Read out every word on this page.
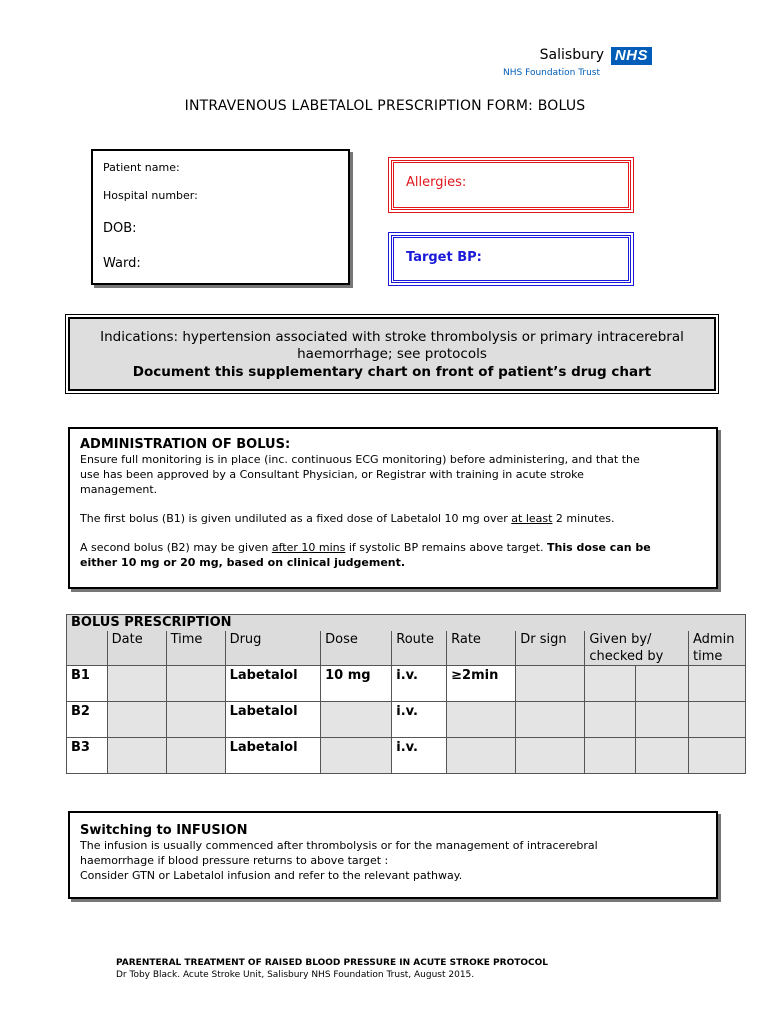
Salisbury NHS
NHS Foundation Trust
INTRAVENOUS LABETALOL PRESCRIPTION FORM: BOLUS
Patient name:
Hospital number:
DOB:
Ward:
Allergies:
Target BP:
Indications: hypertension associated with stroke thrombolysis or primary intracerebral
haemorrhage; see protocols
Document this supplementary chart on front of patient’s drug chart
ADMINISTRATION OF BOLUS:

Ensure full monitoring is in place (inc. continuous ECG monitoring) before administering, and that the

use has been approved by a Consultant Physician, or Registrar with training in acute stroke

management.

The first bolus (B1) is given undiluted as a fixed dose of Labetalol 10 mg over at least 2 minutes.

A second bolus (B2) may be given after 10 mins if systolic BP remains above target. This dose can be

either 10 mg or 20 mg, based on clinical judgement.

BOLUS PRESCRIPTION										
	Date	Time	Drug	Dose	Route	Rate	Dr sign	Given by/ checked by		Admin time
B1			Labetalol	10 mg	i.v.	≥2min				
B2			Labetalol		i.v.					
B3			Labetalol		i.v.					
Switching to INFUSION

The infusion is usually commenced after thrombolysis or for the management of intracerebral

haemorrhage if blood pressure returns to above target :

Consider GTN or Labetalol infusion and refer to the relevant pathway.

PARENTERAL TREATMENT OF RAISED BLOOD PRESSURE IN ACUTE STROKE PROTOCOL
Dr Toby Black. Acute Stroke Unit, Salisbury NHS Foundation Trust, August 2015.
